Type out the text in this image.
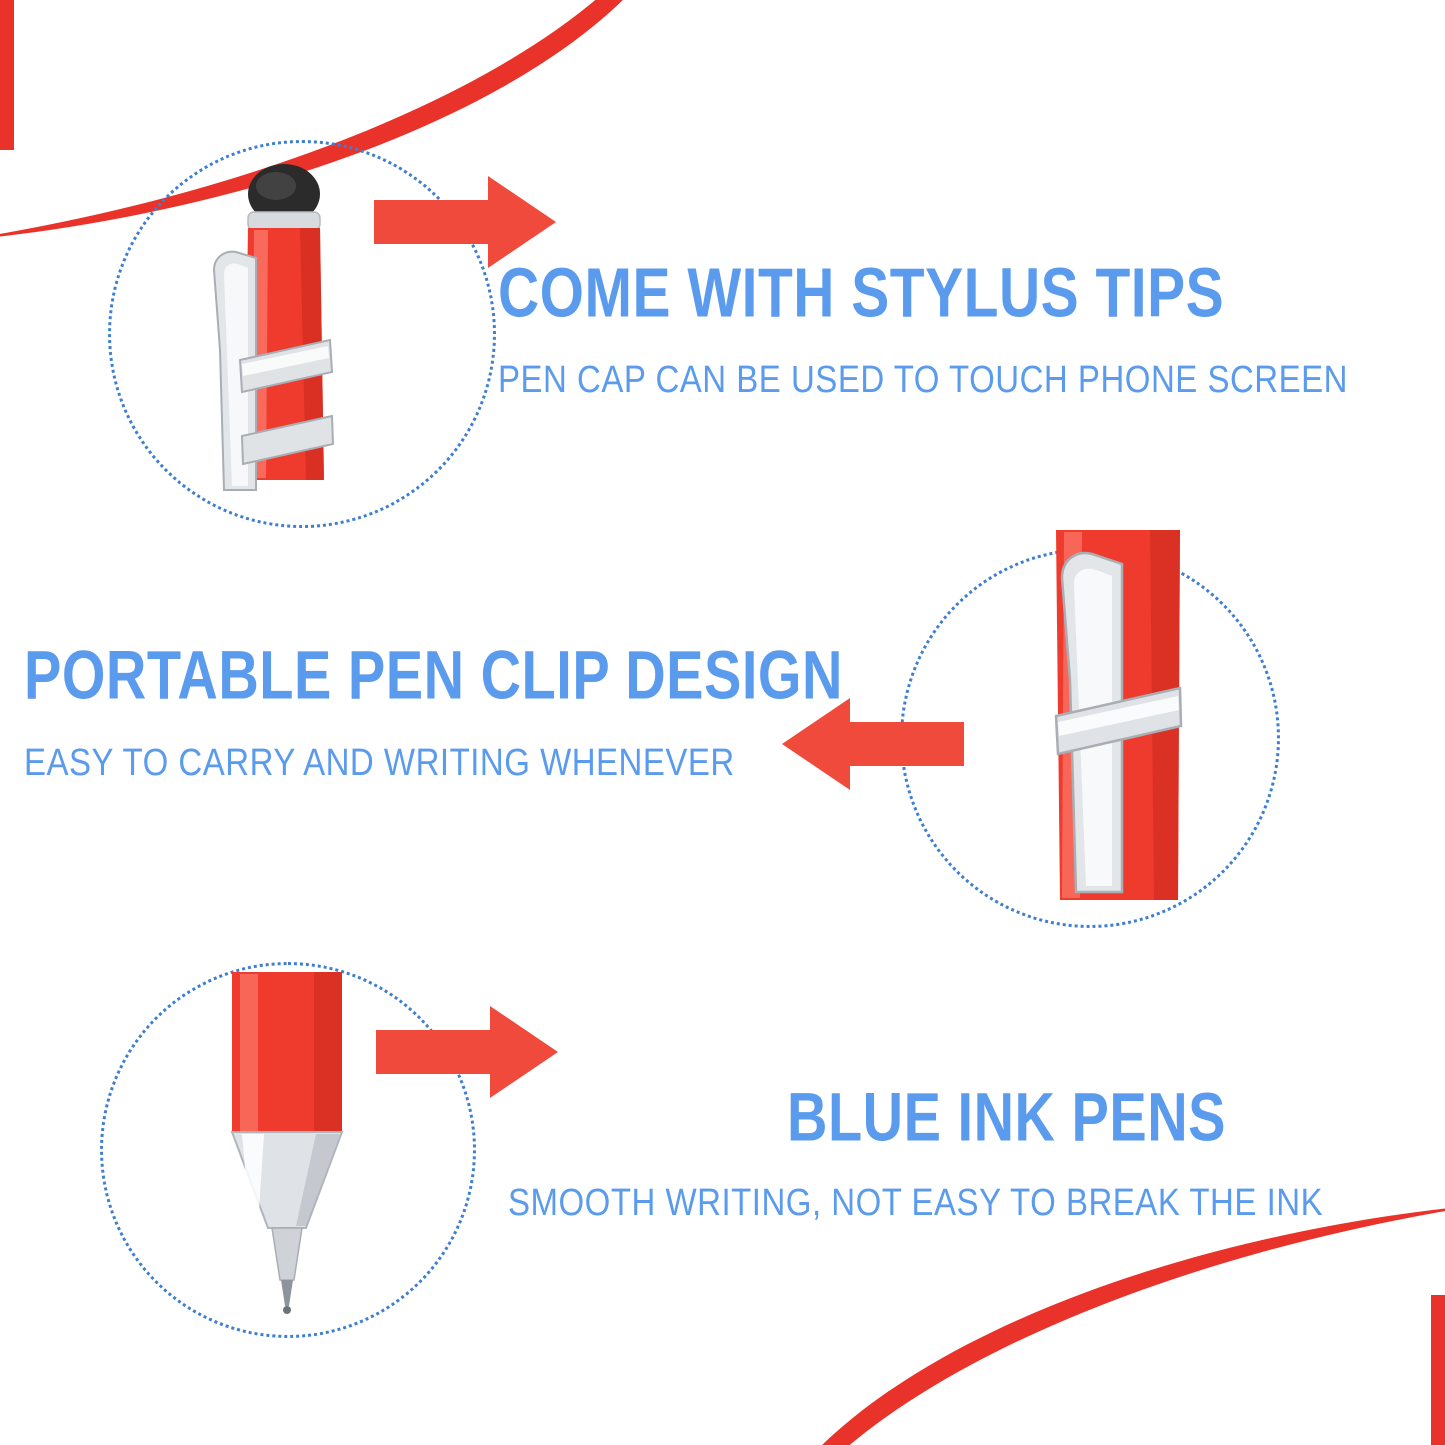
COME WITH STYLUS TIPS
PEN CAP CAN BE USED TO TOUCH PHONE SCREEN
PORTABLE PEN CLIP DESIGN
EASY TO CARRY AND WRITING WHENEVER
BLUE INK PENS
SMOOTH WRITING, NOT EASY TO BREAK THE INK
